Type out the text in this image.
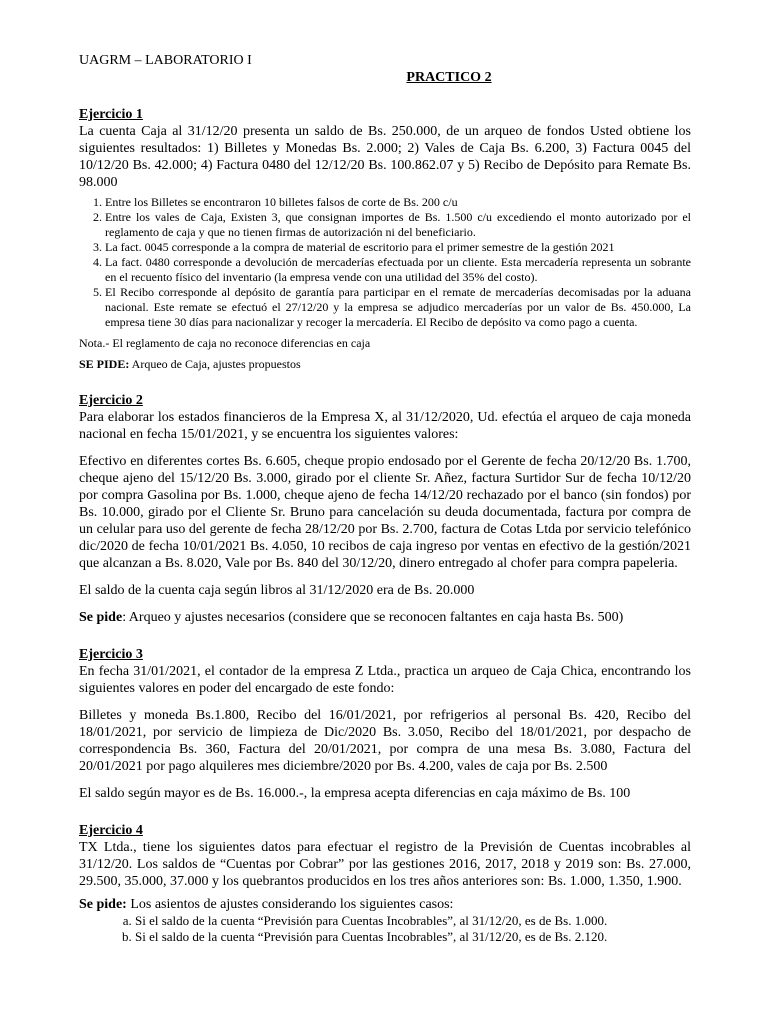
UAGRM – LABORATORIO I

PRACTICO 2

Ejercicio 1

La cuenta Caja al 31/12/20 presenta un saldo de Bs. 250.000, de un arqueo de fondos Usted obtiene los siguientes resultados: 1) Billetes y Monedas Bs. 2.000; 2) Vales de Caja Bs. 6.200, 3) Factura 0045 del 10/12/20 Bs. 42.000; 4) Factura 0480 del 12/12/20 Bs. 100.862.07 y 5) Recibo de Depósito para Remate Bs. 98.000

1. Entre los Billetes se encontraron 10 billetes falsos de corte de Bs. 200 c/u
2. Entre los vales de Caja, Existen 3, que consignan importes de Bs. 1.500 c/u excediendo el monto autorizado por el reglamento de caja y que no tienen firmas de autorización ni del beneficiario.
3. La fact. 0045 corresponde a la compra de material de escritorio para el primer semestre de la gestión 2021
4. La fact. 0480 corresponde a devolución de mercaderías efectuada por un cliente. Esta mercadería representa un sobrante en el recuento físico del inventario (la empresa vende con una utilidad del 35% del costo).
5. El Recibo corresponde al depósito de garantía para participar en el remate de mercaderías decomisadas por la aduana nacional. Este remate se efectuó el 27/12/20 y la empresa se adjudico mercaderías por un valor de Bs. 450.000, La empresa tiene 30 días para nacionalizar y recoger la mercadería. El Recibo de depósito va como pago a cuenta.

Nota.- El reglamento de caja no reconoce diferencias en caja

SE PIDE: Arqueo de Caja, ajustes propuestos

Ejercicio 2

Para elaborar los estados financieros de la Empresa X, al 31/12/2020, Ud. efectúa el arqueo de caja moneda nacional en fecha 15/01/2021, y se encuentra los siguientes valores:

Efectivo en diferentes cortes Bs. 6.605, cheque propio endosado por el Gerente de fecha 20/12/20 Bs. 1.700, cheque ajeno del 15/12/20 Bs. 3.000, girado por el cliente Sr. Añez, factura Surtidor Sur de fecha 10/12/20 por compra Gasolina por Bs. 1.000, cheque ajeno de fecha 14/12/20 rechazado por el banco (sin fondos) por Bs. 10.000, girado por el Cliente Sr. Bruno para cancelación su deuda documentada, factura por compra de un celular para uso del gerente de fecha 28/12/20 por Bs. 2.700, factura de Cotas Ltda por servicio telefónico dic/2020 de fecha 10/01/2021 Bs. 4.050, 10 recibos de caja ingreso por ventas en efectivo de la gestión/2021 que alcanzan a Bs. 8.020, Vale por Bs. 840 del 30/12/20, dinero entregado al chofer para compra papeleria.

El saldo de la cuenta caja según libros al 31/12/2020 era de Bs. 20.000

Se pide: Arqueo y ajustes necesarios (considere que se reconocen faltantes en caja hasta Bs. 500)

Ejercicio 3

En fecha 31/01/2021, el contador de la empresa Z Ltda., practica un arqueo de Caja Chica, encontrando los siguientes valores en poder del encargado de este fondo:

Billetes y moneda Bs.1.800, Recibo del 16/01/2021, por refrigerios al personal Bs. 420, Recibo del 18/01/2021, por servicio de limpieza de Dic/2020 Bs. 3.050, Recibo del 18/01/2021, por despacho de correspondencia Bs. 360, Factura del 20/01/2021, por compra de una mesa Bs. 3.080, Factura del 20/01/2021 por pago alquileres mes diciembre/2020 por Bs. 4.200, vales de caja por Bs. 2.500

El saldo según mayor es de Bs. 16.000.-, la empresa acepta diferencias en caja máximo de Bs. 100

Ejercicio 4

TX Ltda., tiene los siguientes datos para efectuar el registro de la Previsión de Cuentas incobrables al 31/12/20. Los saldos de “Cuentas por Cobrar” por las gestiones 2016, 2017, 2018 y 2019 son: Bs. 27.000, 29.500, 35.000, 37.000 y los quebrantos producidos en los tres años anteriores son: Bs. 1.000, 1.350, 1.900.

Se pide: Los asientos de ajustes considerando los siguientes casos:

a. Si el saldo de la cuenta “Previsión para Cuentas Incobrables”, al 31/12/20, es de Bs. 1.000.
b. Si el saldo de la cuenta “Previsión para Cuentas Incobrables”, al 31/12/20, es de Bs. 2.120.
